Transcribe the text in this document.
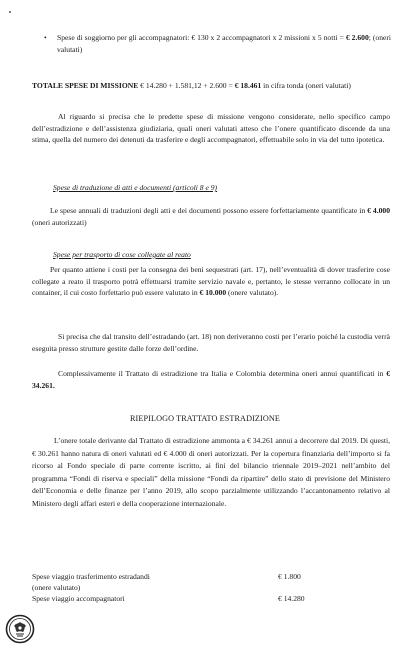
• Spese di soggiorno per gli accompagnatori: € 130 x 2 accompagnatori x 2 missioni x 5 notti = € 2.600; (oneri valutati)
TOTALE SPESE DI MISSIONE € 14.280 + 1.581,12 + 2.600 = € 18.461 in cifra tonda (oneri valutati)
Al riguardo si precisa che le predette spese di missione vengono considerate, nello specifico campo dell’estradizione e dell’assistenza giudiziaria, quali oneri valutati atteso che l’onere quantificato discende da una stima, quella del numero dei detenuti da trasferire e degli accompagnatori, effettuabile solo in via del tutto ipotetica.
Spese di traduzione di atti e documenti (articoli 8 e 9)
Le spese annuali di traduzioni degli atti e dei documenti possono essere forfettariamente quantificate in € 4.000 (oneri autorizzati)
Spese per trasporto di cose collegate al reato
Per quanto attiene i costi per la consegna dei beni sequestrati (art. 17), nell’eventualità di dover trasferire cose collegate a reato il trasporto potrà effettuarsi tramite servizio navale e, pertanto, le stesse verranno collocate in un container, il cui costo forfettario può essere valutato in € 10.000 (onere valutato).
Si precisa che dal transito dell’estradando (art. 18) non deriveranno costi per l’erario poiché la custodia verrà eseguita presso strutture gestite dalle forze dell’ordine.
Complessivamente il Trattato di estradizione tra Italia e Colombia determina oneri annui quantificati in € 34.261.
RIEPILOGO TRATTATO ESTRADIZIONE
L’onere totale derivante dal Trattato di estradizione ammonta a € 34.261 annui a decorrere dal 2019. Di questi, € 30.261 hanno natura di oneri valutati ed € 4.000 di oneri autorizzati. Per la copertura finanziaria dell’importo si fa ricorso al Fondo speciale di parte corrente iscritto, ai fini del bilancio triennale 2019–2021 nell’ambito del programma “Fondi di riserva e speciali” della missione “Fondi da ripartire” dello stato di previsione del Ministero dell’Economia e delle finanze per l’anno 2019, allo scopo parzialmente utilizzando l’accantonamento relativo al Ministero degli affari esteri e della cooperazione internazionale.
Spese viaggio trasferimento estradandi	€ 1.800
(onere valutato)
Spese viaggio accompagnatori	€ 14.280
